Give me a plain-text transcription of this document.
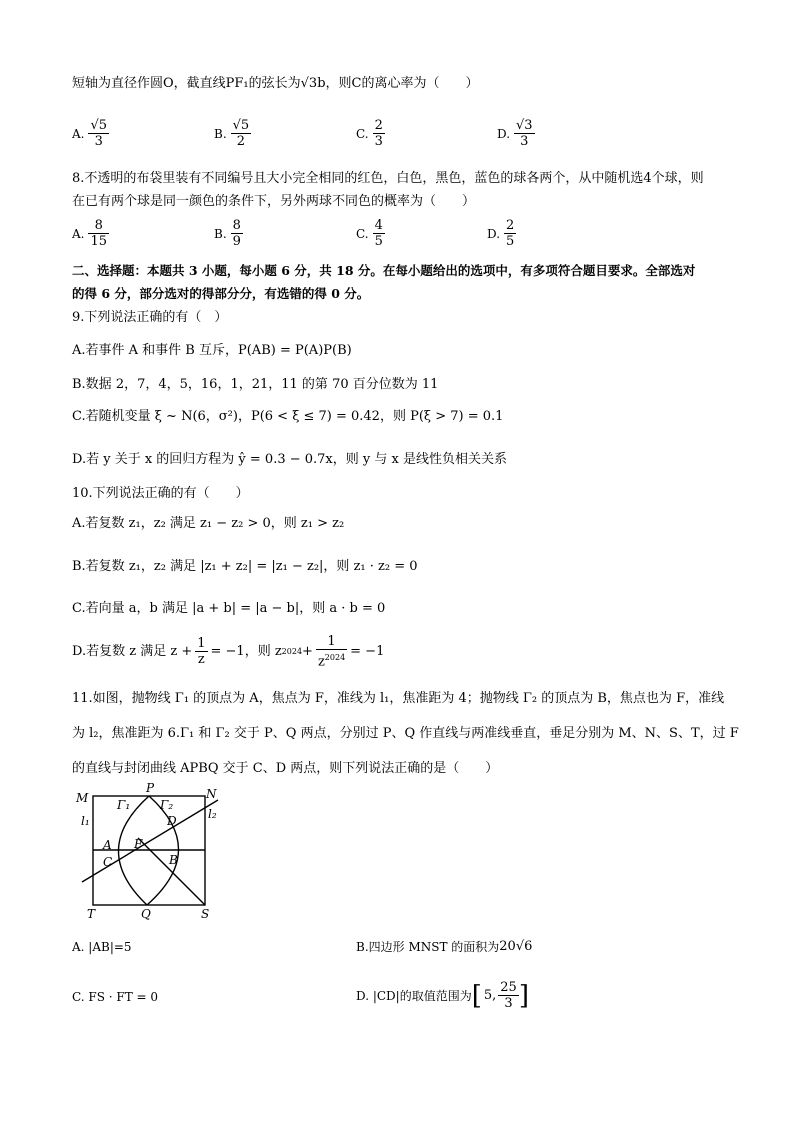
短轴为直径作圆O，截直线PF₁的弦长为√3b，则C的离心率为（　　）
A. $\frac{√5}{3}$	B. $\frac{√5}{2}$	C. $\frac{2}{3}$	D. $\frac{√3}{3}$
8.不透明的布袋里装有不同编号且大小完全相同的红色，白色，黑色，蓝色的球各两个，从中随机选4个球，则
在已有两个球是同一颜色的条件下，另外两球不同色的概率为（　　）
A. $\frac{8}{15}$	B. $\frac{8}{9}$	C. $\frac{4}{5}$	D. $\frac{2}{5}$
二、选择题：本题共 3 小题，每小题 6 分，共 18 分。在每小题给出的选项中，有多项符合题目要求。全部选对
的得 6 分，部分选对的得部分分，有选错的得 0 分。
9.下列说法正确的有（　）
A.若事件 A 和事件 B 互斥，P(AB) = P(A)P(B)
B.数据 2，7，4，5，16，1，21，11 的第 70 百分位数为 11
C.若随机变量 ξ ~ N(6，σ²)，P(6 < ξ ≤ 7) = 0.42，则 P(ξ > 7) = 0.1
D.若 y 关于 x 的回归方程为 ŷ = 0.3 − 0.7x，则 y 与 x 是线性负相关关系
10.下列说法正确的有（　　）
A.若复数 z₁，z₂ 满足 z₁ − z₂ > 0，则 z₁ > z₂
B.若复数 z₁，z₂ 满足 |z₁ + z₂| = |z₁ − z₂|，则 z₁ · z₂ = 0
C.若向量 a，b 满足 |a + b| = |a − b|，则 a · b = 0
D.若复数 z 满足 $z + \frac{1}{z} = -1$，则 z $2024 + \frac{1}{z^{2024}} = -1$
11.如图，抛物线 Γ₁ 的顶点为 A，焦点为 F，准线为 l₁，焦准距为 4；抛物线 Γ₂ 的顶点为 B，焦点也为 F，准线
为 l₂，焦准距为 6.Γ₁ 和 Γ₂ 交于 P、Q 两点，分别过 P、Q 作直线与两准线垂直，垂足分别为 M、N、S、T，过 F
的直线与封闭曲线 APBQ 交于 C、D 两点，则下列说法正确的是（　　）
M	N
P
Γ₁ Γ₂
D
l₁	l₂
A F
C	B
T	Q	S
A. |AB|=5	B.四边形 MNST 的面积为 20√6
C. FS · FT = 0	D. |CD|的取值范围为 [ 5, $\frac{25}{3}$ ]
